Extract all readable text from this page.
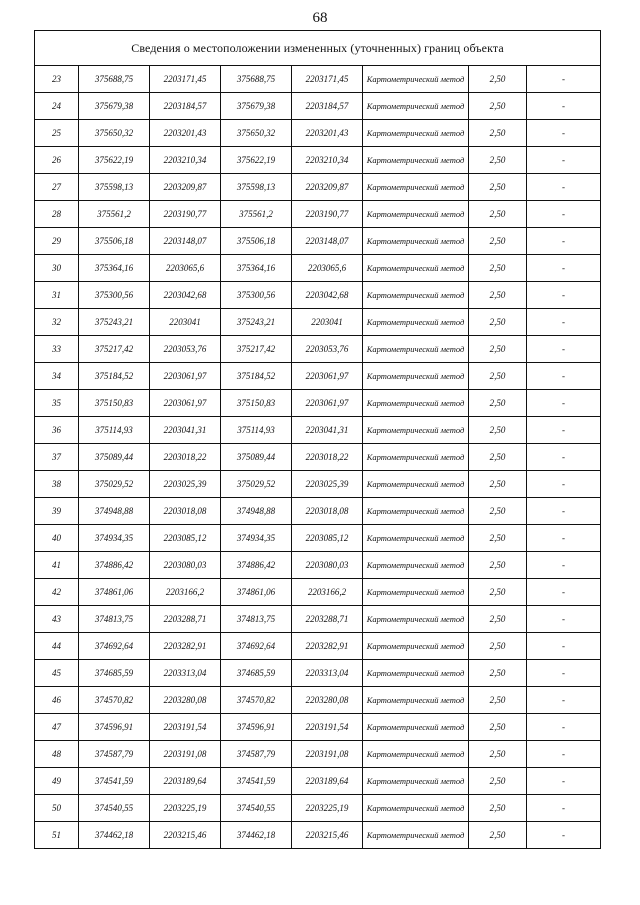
68
Сведения о местоположении измененных (уточненных) границ объекта							
23	375688,75	2203171,45	375688,75	2203171,45	Картометрический метод	2,50	-
24	375679,38	2203184,57	375679,38	2203184,57	Картометрический метод	2,50	-
25	375650,32	2203201,43	375650,32	2203201,43	Картометрический метод	2,50	-
26	375622,19	2203210,34	375622,19	2203210,34	Картометрический метод	2,50	-
27	375598,13	2203209,87	375598,13	2203209,87	Картометрический метод	2,50	-
28	375561,2	2203190,77	375561,2	2203190,77	Картометрический метод	2,50	-
29	375506,18	2203148,07	375506,18	2203148,07	Картометрический метод	2,50	-
30	375364,16	2203065,6	375364,16	2203065,6	Картометрический метод	2,50	-
31	375300,56	2203042,68	375300,56	2203042,68	Картометрический метод	2,50	-
32	375243,21	2203041	375243,21	2203041	Картометрический метод	2,50	-
33	375217,42	2203053,76	375217,42	2203053,76	Картометрический метод	2,50	-
34	375184,52	2203061,97	375184,52	2203061,97	Картометрический метод	2,50	-
35	375150,83	2203061,97	375150,83	2203061,97	Картометрический метод	2,50	-
36	375114,93	2203041,31	375114,93	2203041,31	Картометрический метод	2,50	-
37	375089,44	2203018,22	375089,44	2203018,22	Картометрический метод	2,50	-
38	375029,52	2203025,39	375029,52	2203025,39	Картометрический метод	2,50	-
39	374948,88	2203018,08	374948,88	2203018,08	Картометрический метод	2,50	-
40	374934,35	2203085,12	374934,35	2203085,12	Картометрический метод	2,50	-
41	374886,42	2203080,03	374886,42	2203080,03	Картометрический метод	2,50	-
42	374861,06	2203166,2	374861,06	2203166,2	Картометрический метод	2,50	-
43	374813,75	2203288,71	374813,75	2203288,71	Картометрический метод	2,50	-
44	374692,64	2203282,91	374692,64	2203282,91	Картометрический метод	2,50	-
45	374685,59	2203313,04	374685,59	2203313,04	Картометрический метод	2,50	-
46	374570,82	2203280,08	374570,82	2203280,08	Картометрический метод	2,50	-
47	374596,91	2203191,54	374596,91	2203191,54	Картометрический метод	2,50	-
48	374587,79	2203191,08	374587,79	2203191,08	Картометрический метод	2,50	-
49	374541,59	2203189,64	374541,59	2203189,64	Картометрический метод	2,50	-
50	374540,55	2203225,19	374540,55	2203225,19	Картометрический метод	2,50	-
51	374462,18	2203215,46	374462,18	2203215,46	Картометрический метод	2,50	-
